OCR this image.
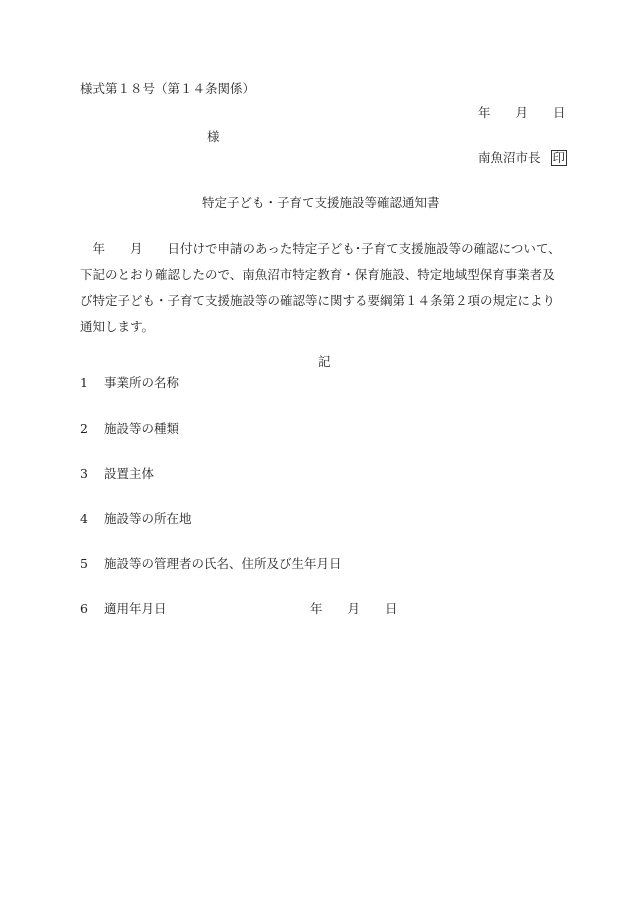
様式第１８号（第１４条関係）
年　　月　　日
様
南魚沼市長 印
特定子ども・子育て支援施設等確認通知書
　年　　月　　日付けで申請のあった特定子ども･子育て支援施設等の確認について、
下記のとおり確認したので、南魚沼市特定教育・保育施設、特定地域型保育事業者及
び特定子ども・子育て支援施設等の確認等に関する要綱第１４条第２項の規定により
通知します。
記
1 事業所の名称
2 施設等の種類
3 設置主体
4 施設等の所在地
5 施設等の管理者の氏名、住所及び生年月日
6 適用年月日	年　　月　　日
